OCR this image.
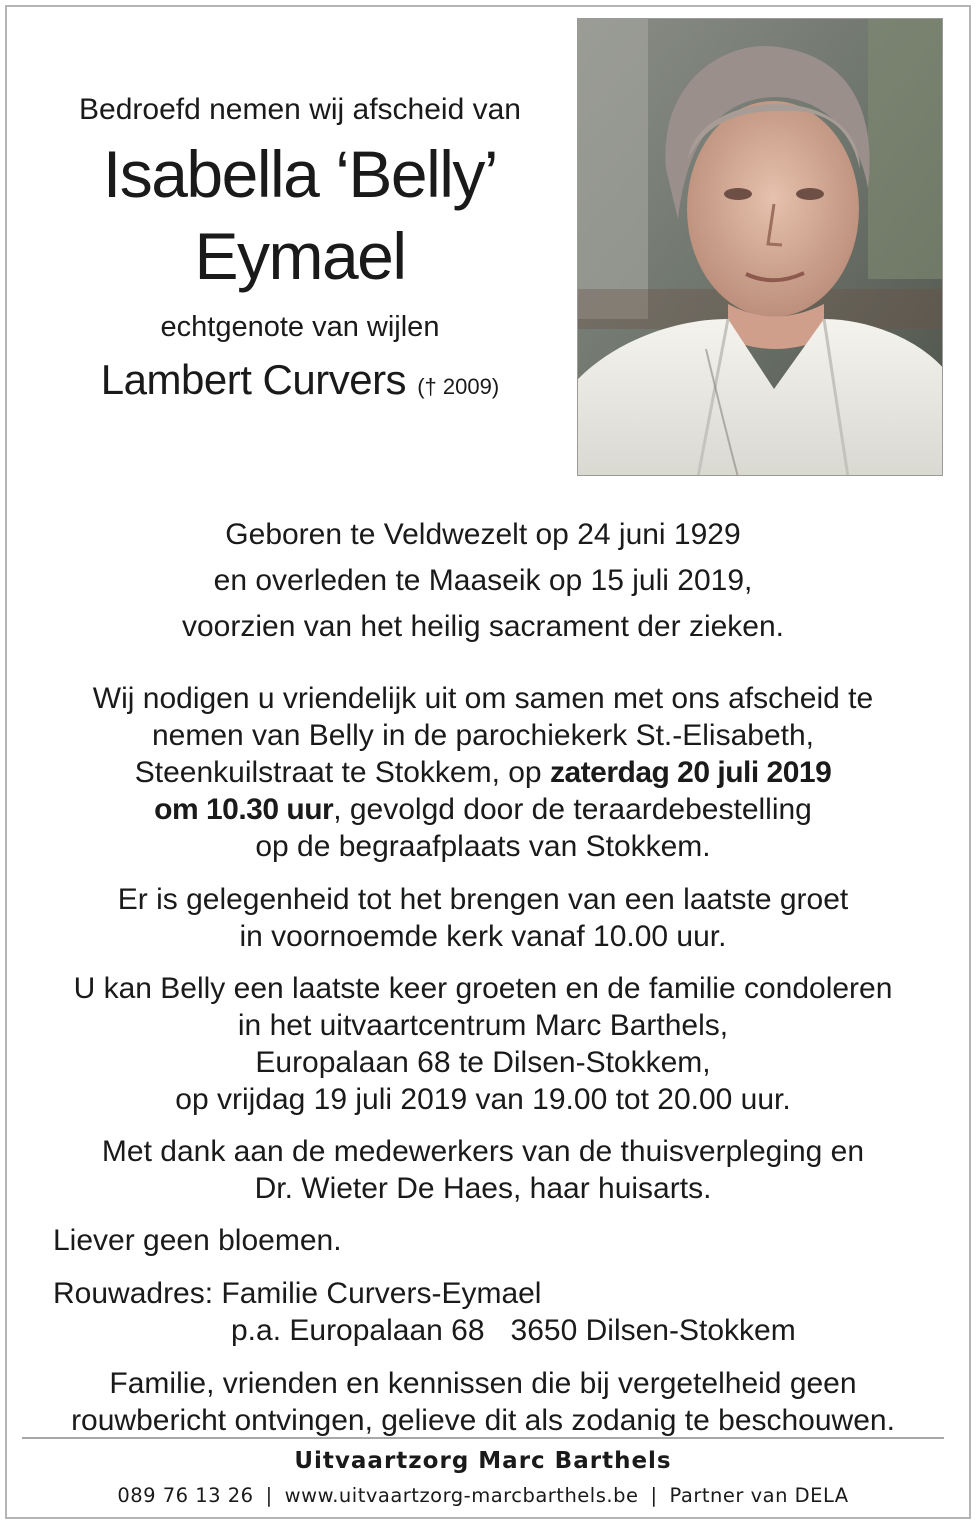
Bedroefd nemen wij afscheid van
Isabella ‘Belly’
Eymael
echtgenote van wijlen
Lambert Curvers († 2009)

Geboren te Veldwezelt op 24 juni 1929

en overleden te Maaseik op 15 juli 2019,

voorzien van het heilig sacrament der zieken.

Wij nodigen u vriendelijk uit om samen met ons afscheid te

nemen van Belly in de parochiekerk St.-Elisabeth,

Steenkuilstraat te Stokkem, op zaterdag 20 juli 2019

om 10.30 uur, gevolgd door de teraardebestelling

op de begraafplaats van Stokkem.

Er is gelegenheid tot het brengen van een laatste groet

in voornoemde kerk vanaf 10.00 uur.

U kan Belly een laatste keer groeten en de familie condoleren

in het uitvaartcentrum Marc Barthels,

Europalaan 68 te Dilsen-Stokkem,

op vrijdag 19 juli 2019 van 19.00 tot 20.00 uur.

Met dank aan de medewerkers van de thuisverpleging en

Dr. Wieter De Haes, haar huisarts.

Liever geen bloemen.

Rouwadres: Familie Curvers-Eymael

p.a. Europalaan 68 3650 Dilsen-Stokkem

Familie, vrienden en kennissen die bij vergetelheid geen

rouwbericht ontvingen, gelieve dit als zodanig te beschouwen.

Uitvaartzorg Marc Barthels
089 76 13 26 | www.uitvaartzorg-marcbarthels.be | Partner van DELA
